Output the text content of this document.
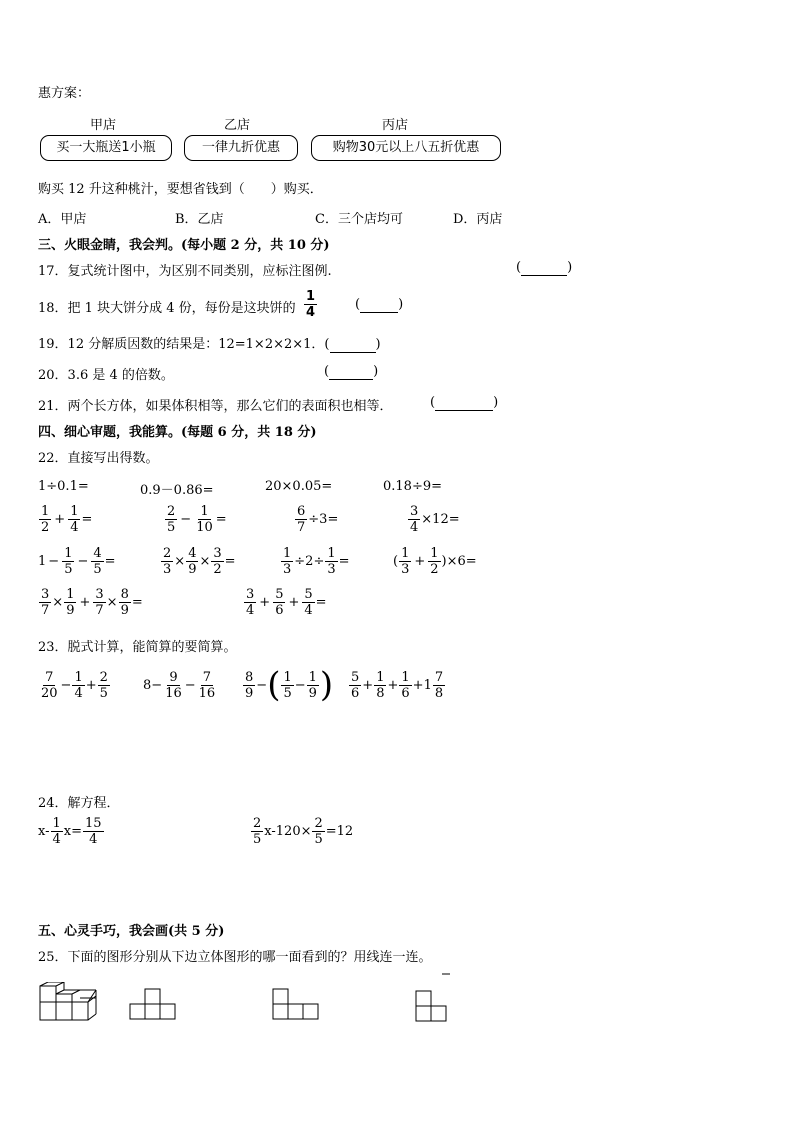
惠方案：
甲店	乙店	丙店
买一大瓶送1小瓶	一律九折优惠	购物30元以上八五折优惠
购买 12 升这种桃汁，要想省钱到（　　）购买．
A．甲店	B．乙店	C．三个店均可	D．丙店
三、火眼金睛，我会判。(每小题 2 分，共 10 分)
17．复式统计图中，为区别不同类别，应标注图例.	(	)
18．把 1 块大饼分成 4 份，每份是这块饼的 $\frac{1}{4}$	(	)
19．12 分解质因数的结果是：12=1×2×2×1．(	)
20．3.6 是 4 的倍数。	(	)
21．两个长方体，如果体积相等，那么它们的表面积也相等．	(	)
四、细心审题，我能算。(每题 6 分，共 18 分)
22．直接写出得数。
1÷0.1=	0.9－0.86=	20×0.05=	0.18÷9=
$\frac{1}{2} + \frac{1}{4}$ =	$\frac{2}{5} - \frac{1}{10}$ =	$\frac{6}{7} \div 3=$	$\frac{3}{4} \times 12=$
$1 - \frac{1}{5} - \frac{4}{5}$ =	$\frac{2}{3} \times \frac{4}{9} \times \frac{3}{2}$ =	$\frac{1}{3} \div 2\div \frac{1}{3}$ =	( $\frac{1}{3} + \frac{1}{2}$ ) ×6=
$\frac{3}{7} \times \frac{1}{9} + \frac{3}{7} \times \frac{8}{9}$ =	$\frac{3}{4} + \frac{5}{6} + \frac{5}{4}$ =
23．脱式计算，能简算的要简算。
$\frac{7}{20} - \frac{1}{4} + \frac{2}{5}$	$8 - \frac{9}{16} - \frac{7}{16} \frac{8}{9}$ − ( $\frac{1}{5} - \frac{1}{9}$ ) $\frac{5}{6} + \frac{1}{8} + \frac{1}{6} + 1 \frac{7}{8}$
24．解方程．
$x- \frac{1}{4} x= \frac{15}{4}$	$\frac{2}{5} x-120\times \frac{2}{5} =12$
五、心灵手巧，我会画(共 5 分)
25．下面的图形分别从下边立体图形的哪一面看到的？用线连一连。
